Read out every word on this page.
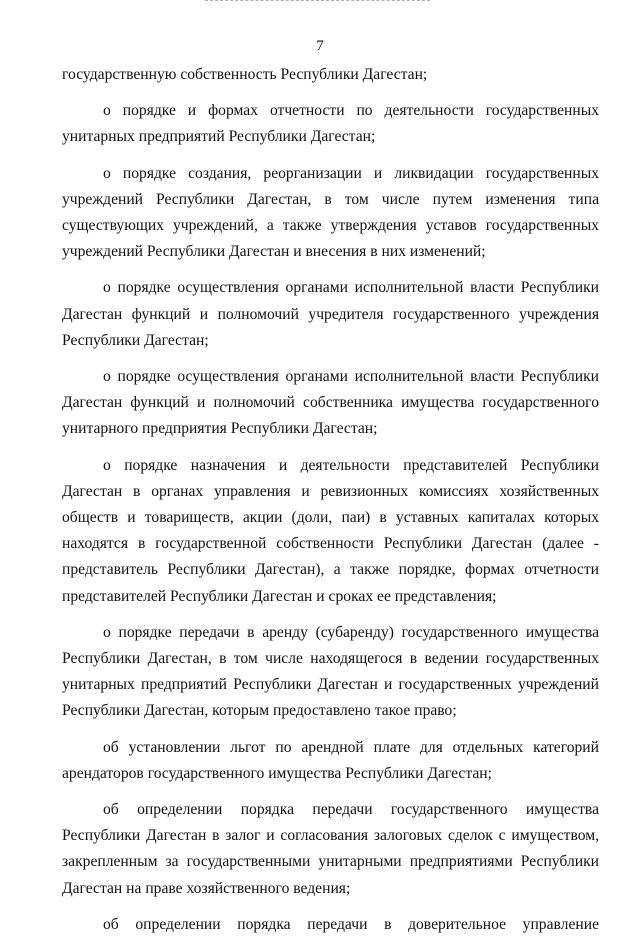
7

государственную собственность Республики Дагестан;

о порядке и формах отчетности по деятельности государственных унитарных предприятий Республики Дагестан;

о порядке создания, реорганизации и ликвидации государственных учреждений Республики Дагестан, в том числе путем изменения типа существующих учреждений, а также утверждения уставов государственных учреждений Республики Дагестан и внесения в них изменений;

о порядке осуществления органами исполнительной власти Республики Дагестан функций и полномочий учредителя государственного учреждения Республики Дагестан;

о порядке осуществления органами исполнительной власти Республики Дагестан функций и полномочий собственника имущества государственного унитарного предприятия Республики Дагестан;

о порядке назначения и деятельности представителей Республики Дагестан в органах управления и ревизионных комиссиях хозяйственных обществ и товариществ, акции (доли, паи) в уставных капиталах которых находятся в государственной собственности Республики Дагестан (далее - представитель Республики Дагестан), а также порядке, формах отчетности представителей Республики Дагестан и сроках ее представления;

о порядке передачи в аренду (субаренду) государственного имущества Республики Дагестан, в том числе находящегося в ведении государственных унитарных предприятий Республики Дагестан и государственных учреждений Республики Дагестан, которым предоставлено такое право;

об установлении льгот по арендной плате для отдельных категорий арендаторов государственного имущества Республики Дагестан;

об определении порядка передачи государственного имущества Республики Дагестан в залог и согласования залоговых сделок с имуществом, закрепленным за государственными унитарными предприятиями Республики Дагестан на праве хозяйственного ведения;

об определении порядка передачи в доверительное управление
